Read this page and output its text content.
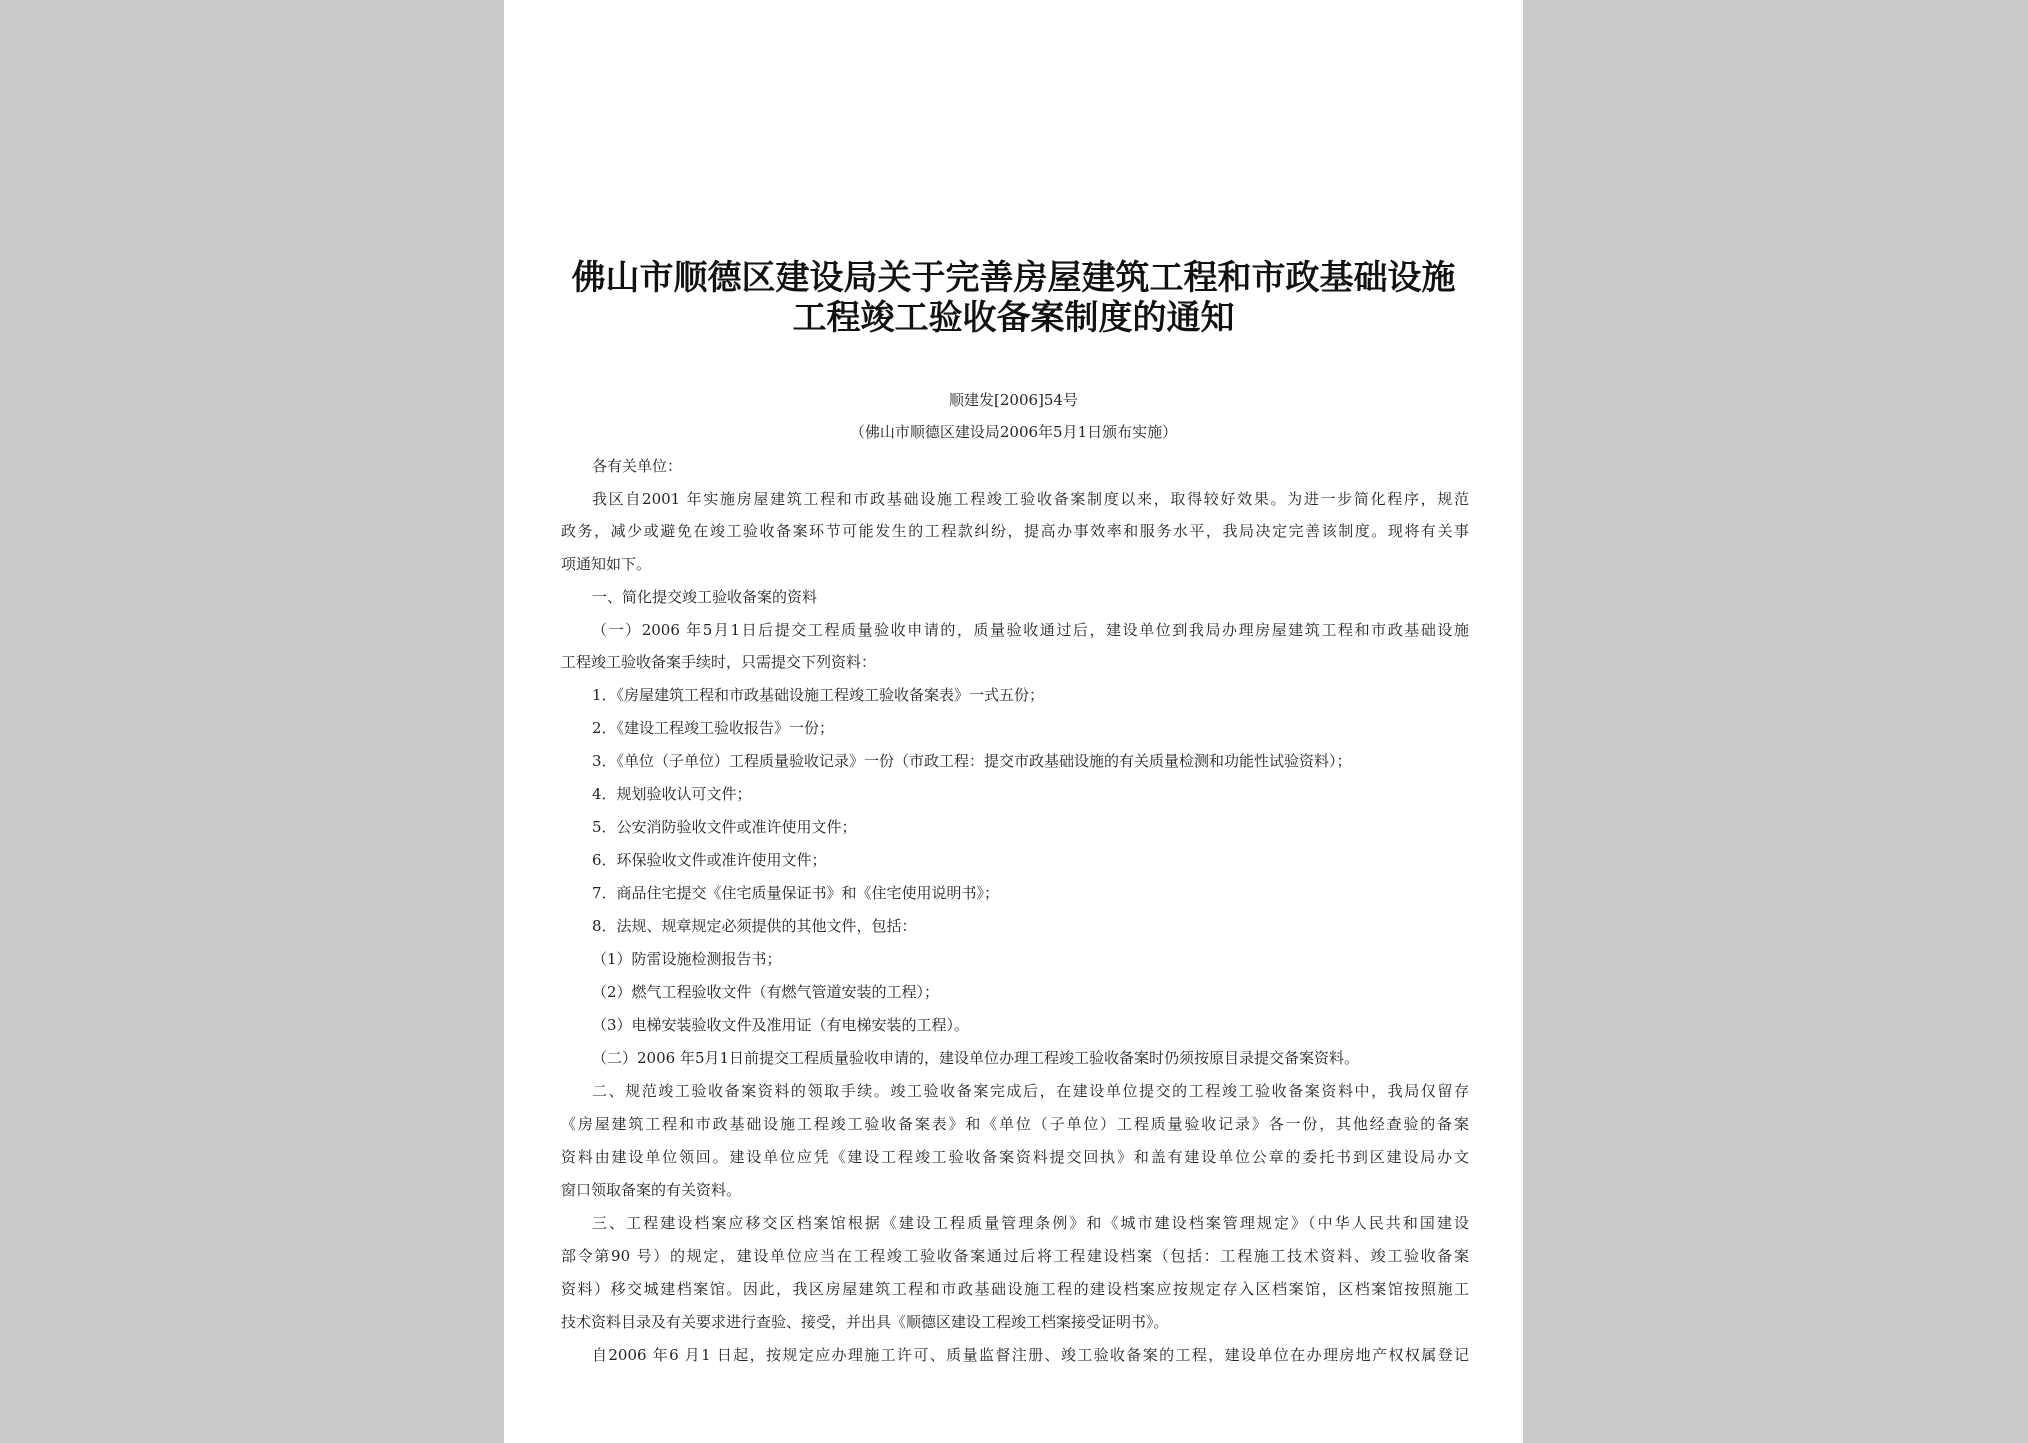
佛山市顺德区建设局关于完善房屋建筑工程和市政基础设施工程竣工验收备案制度的通知

顺建发[2006]54号

（佛山市顺德区建设局2006年5月1日颁布实施）

各有关单位：

我区自2001 年实施房屋建筑工程和市政基础设施工程竣工验收备案制度以来，取得较好效果。为进一步简化程序，规范

政务，减少或避免在竣工验收备案环节可能发生的工程款纠纷，提高办事效率和服务水平，我局决定完善该制度。现将有关事

项通知如下。

一、简化提交竣工验收备案的资料

（一）2006 年5月1日后提交工程质量验收申请的，质量验收通过后，建设单位到我局办理房屋建筑工程和市政基础设施

工程竣工验收备案手续时，只需提交下列资料：

1．《房屋建筑工程和市政基础设施工程竣工验收备案表》一式五份；

2．《建设工程竣工验收报告》一份；

3．《单位（子单位）工程质量验收记录》一份（市政工程：提交市政基础设施的有关质量检测和功能性试验资料）；

4．规划验收认可文件；

5．公安消防验收文件或准许使用文件；

6．环保验收文件或准许使用文件；

7．商品住宅提交《住宅质量保证书》和《住宅使用说明书》；

8．法规、规章规定必须提供的其他文件，包括：

（1）防雷设施检测报告书；

（2）燃气工程验收文件（有燃气管道安装的工程）；

（3）电梯安装验收文件及准用证（有电梯安装的工程）。

（二）2006 年5月1日前提交工程质量验收申请的，建设单位办理工程竣工验收备案时仍须按原目录提交备案资料。

二、规范竣工验收备案资料的领取手续。竣工验收备案完成后，在建设单位提交的工程竣工验收备案资料中，我局仅留存

《房屋建筑工程和市政基础设施工程竣工验收备案表》和《单位（子单位）工程质量验收记录》各一份，其他经查验的备案

资料由建设单位领回。建设单位应凭《建设工程竣工验收备案资料提交回执》和盖有建设单位公章的委托书到区建设局办文

窗口领取备案的有关资料。

三、工程建设档案应移交区档案馆根据《建设工程质量管理条例》和《城市建设档案管理规定》（中华人民共和国建设

部令第90 号）的规定，建设单位应当在工程竣工验收备案通过后将工程建设档案（包括：工程施工技术资料、竣工验收备案

资料）移交城建档案馆。因此，我区房屋建筑工程和市政基础设施工程的建设档案应按规定存入区档案馆，区档案馆按照施工

技术资料目录及有关要求进行查验、接受，并出具《顺德区建设工程竣工档案接受证明书》。

自2006 年6 月1 日起，按规定应办理施工许可、质量监督注册、竣工验收备案的工程，建设单位在办理房地产权权属登记
